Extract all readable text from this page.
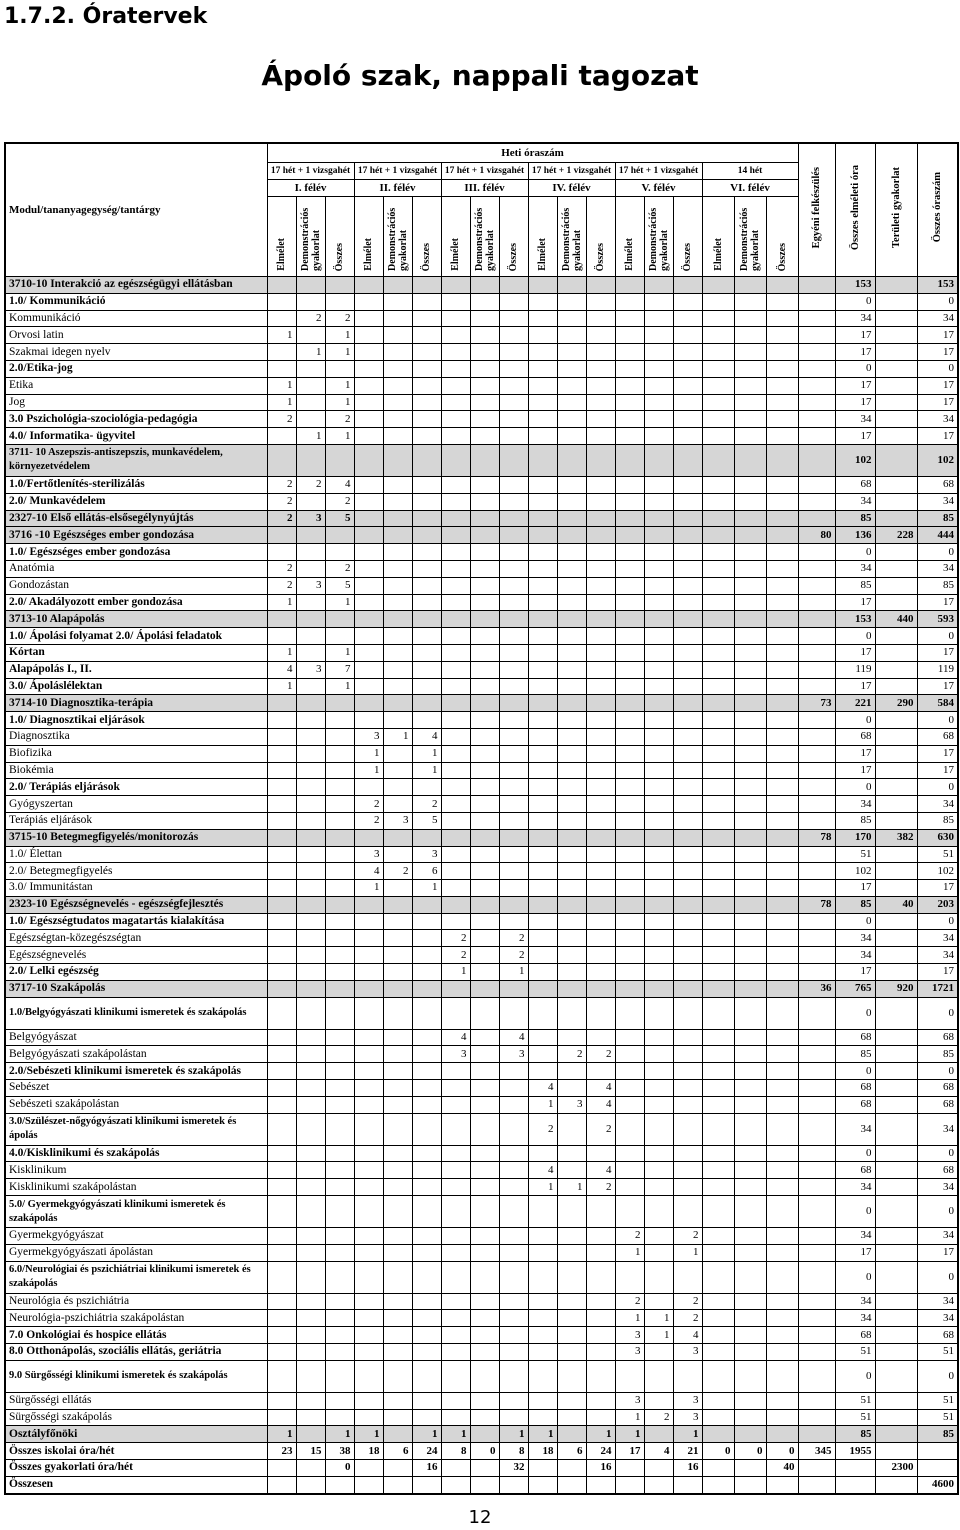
1.7.2. Óratervek
Ápoló szak, nappali tagozat
Modul/tananyagegység/tantárgy	Heti óraszám																		Egyéni felkészülés	Összes elméleti óra	Területi gyakorlat	Összes óraszám
	17 hét + 1 vizsgahét			17 hét + 1 vizsgahét			17 hét + 1 vizsgahét			17 hét + 1 vizsgahét			17 hét + 1 vizsgahét			14 hét						
	I. félév			II. félév			III. félév			IV. félév			V. félév			VI. félév						
	Elmélet	Demonstrációs gyakorlat	Összes	Elmélet	Demonstrációs gyakorlat	Összes	Elmélet	Demonstrációs gyakorlat	Összes	Elmélet	Demonstrációs gyakorlat	Összes	Elmélet	Demonstrációs gyakorlat	Összes	Elmélet	Demonstrációs gyakorlat	Összes				
3710-10 Interakció az egészségügyi ellátásban																				153		153
1.0/ Kommunikáció																				0		0
Kommunikáció		2	2																	34		34
Orvosi latin	1		1																	17		17
Szakmai idegen nyelv		1	1																	17		17
2.0/Etika-jog																				0		0
Etika	1		1																	17		17
Jog	1		1																	17		17
3.0 Pszichológia-szociológia-pedagógia	2		2																	34		34
4.0/ Informatika- ügyvitel		1	1																	17		17
3711- 10 Aszepszis-antiszepszis, munkavédelem, környezetvédelem																				102		102
1.0/Fertőtlenítés-sterilizálás	2	2	4																	68		68
2.0/ Munkavédelem	2		2																	34		34
2327-10 Első ellátás-elsősegélynyújtás	2	3	5																	85		85
3716 -10 Egészséges ember gondozása																			80	136	228	444
1.0/ Egészséges ember gondozása																				0		0
Anatómia	2		2																	34		34
Gondozástan	2	3	5																	85		85
2.0/ Akadályozott ember gondozása	1		1																	17		17
3713-10 Alapápolás																				153	440	593
1.0/ Ápolási folyamat 2.0/ Ápolási feladatok																				0		0
Kórtan	1		1																	17		17
Alapápolás I., II.	4	3	7																	119		119
3.0/ Ápoláslélektan	1		1																	17		17
3714-10 Diagnosztika-terápia																			73	221	290	584
1.0/ Diagnosztikai eljárások																				0		0
Diagnosztika				3	1	4														68		68
Biofizika				1		1														17		17
Biokémia				1		1														17		17
2.0/ Terápiás eljárások																				0		0
Gyógyszertan				2		2														34		34
Terápiás eljárások				2	3	5														85		85
3715-10 Betegmegfigyelés/monitorozás																			78	170	382	630
1.0/ Élettan				3		3														51		51
2.0/ Betegmegfigyelés				4	2	6														102		102
3.0/ Immunitástan				1		1														17		17
2323-10 Egészségnevelés - egészségfejlesztés																			78	85	40	203
1.0/ Egészségtudatos magatartás kialakítása																				0		0
Egészségtan-közegészségtan							2		2											34		34
Egészségnevelés							2		2											34		34
2.0/ Lelki egészség							1		1											17		17
3717-10 Szakápolás																			36	765	920	1721
1.0/Belgyógyászati klinikumi ismeretek és szakápolás																				0		0
Belgyógyászat							4		4											68		68
Belgyógyászati szakápolástan							3		3		2	2								85		85
2.0/Sebészeti klinikumi ismeretek és szakápolás																				0		0
Sebészet										4		4								68		68
Sebészeti szakápolástan										1	3	4								68		68
3.0/Szülészet-nőgyógyászati klinikumi ismeretek és ápolás										2		2								34		34
4.0/Kisklinikumi és szakápolás																				0		0
Kisklinikum										4		4								68		68
Kisklinikumi szakápolástan										1	1	2								34		34
5.0/ Gyermekgyógyászati klinikumi ismeretek és szakápolás																				0		0
Gyermekgyógyászat													2		2					34		34
Gyermekgyógyászati ápolástan													1		1					17		17
6.0/Neurológiai és pszichiátriai klinikumi ismeretek és szakápolás																				0		0
Neurológia és pszichiátria													2		2					34		34
Neurológia-pszichiátria szakápolástan													1	1	2					34		34
7.0 Onkológiai és hospice ellátás													3	1	4					68		68
8.0 Otthonápolás, szociális ellátás, geriátria													3		3					51		51
9.0 Sürgősségi klinikumi ismeretek és szakápolás																				0		0
Sürgősségi ellátás													3		3					51		51
Sürgősségi szakápolás													1	2	3					51		51
Osztályfőnöki	1		1	1		1	1		1	1		1	1		1					85		85
Összes iskolai óra/hét	23	15	38	18	6	24	8	0	8	18	6	24	17	4	21	0	0	0	345	1955		
Összes gyakorlati óra/hét			0			16			32			16			16			40			2300	
Összesen																						4600
12
